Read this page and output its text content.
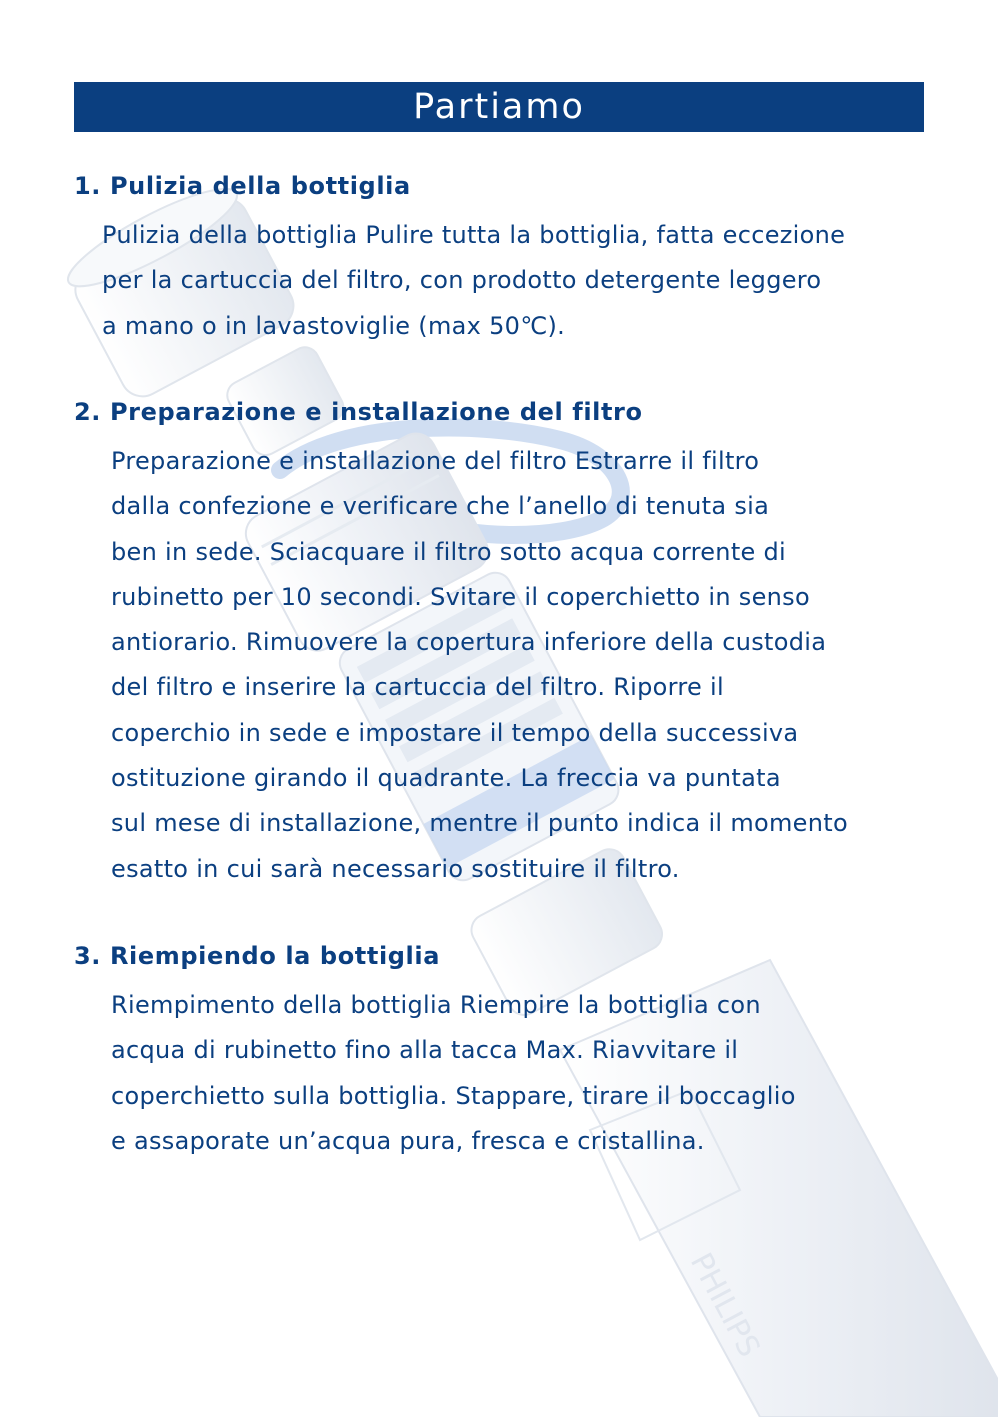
PHILIPS
Partiamo
1. Pulizia della bottiglia

Pulizia della bottiglia Pulire tutta la bottiglia, fatta eccezione
per la cartuccia del filtro, con prodotto detergente leggero
a mano o in lavastoviglie (max 50℃).

2. Preparazione e installazione del filtro

Preparazione e installazione del filtro Estrarre il filtro
dalla confezione e verificare che l’anello di tenuta sia
ben in sede. Sciacquare il filtro sotto acqua corrente di
rubinetto per 10 secondi. Svitare il coperchietto in senso
antiorario. Rimuovere la copertura inferiore della custodia
del filtro e inserire la cartuccia del filtro. Riporre il
coperchio in sede e impostare il tempo della successiva
ostituzione girando il quadrante. La freccia va puntata
sul mese di installazione, mentre il punto indica il momento
esatto in cui sarà necessario sostituire il filtro.

3. Riempiendo la bottiglia

Riempimento della bottiglia Riempire la bottiglia con
acqua di rubinetto fino alla tacca Max. Riavvitare il
coperchietto sulla bottiglia. Stappare, tirare il boccaglio
e assaporate un’acqua pura, fresca e cristallina.
